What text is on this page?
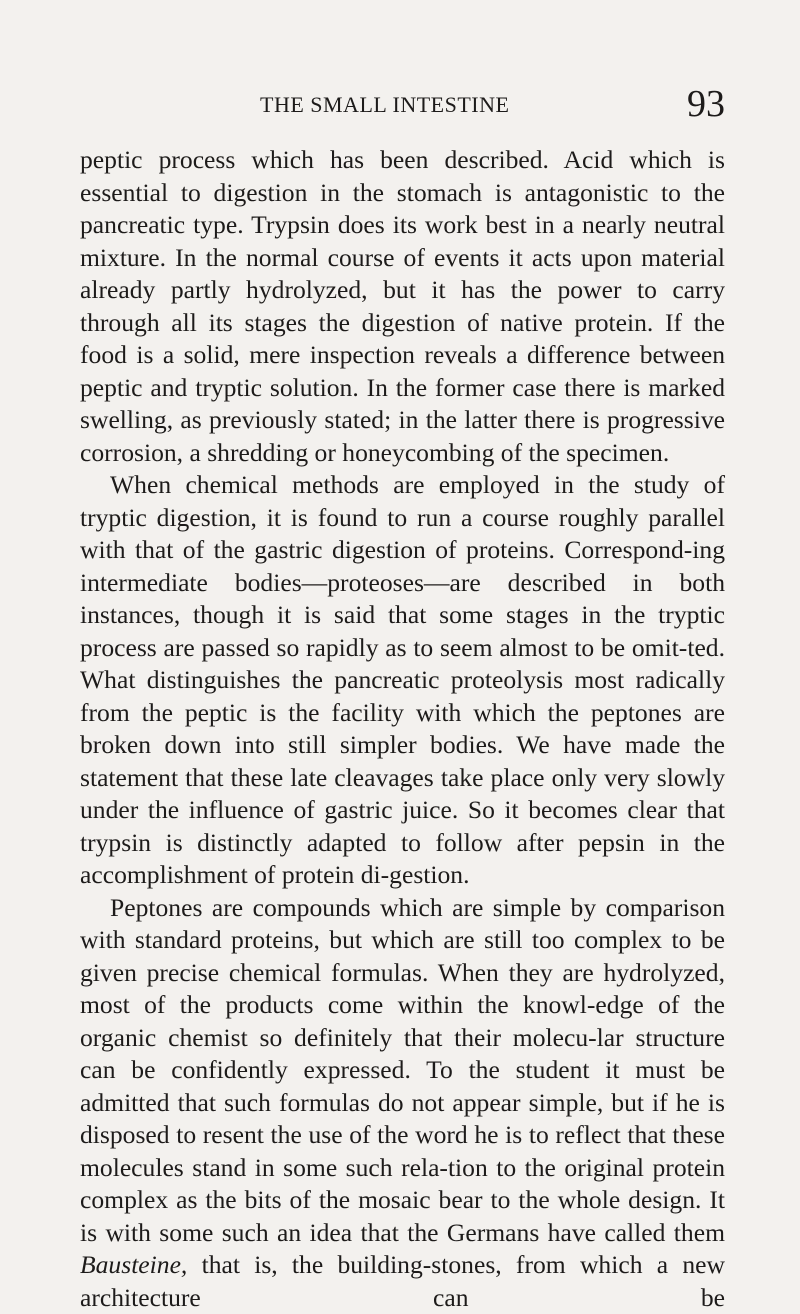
THE SMALL INTESTINE	93

peptic process which has been described. Acid which is essential to digestion in the stomach is antagonistic to the pancreatic type. Trypsin does its work best in a nearly neutral mixture. In the normal course of events it acts upon material already partly hydrolyzed, but it has the power to carry through all its stages the digestion of native protein. If the food is a solid, mere inspection reveals a difference between peptic and tryptic solution. In the former case there is marked swelling, as previously stated; in the latter there is progressive corrosion, a shredding or honeycombing of the specimen.

When chemical methods are employed in the study of tryptic digestion, it is found to run a course roughly parallel with that of the gastric digestion of proteins. Correspond-ing intermediate bodies—proteoses—are described in both instances, though it is said that some stages in the tryptic process are passed so rapidly as to seem almost to be omit-ted. What distinguishes the pancreatic proteolysis most radically from the peptic is the facility with which the peptones are broken down into still simpler bodies. We have made the statement that these late cleavages take place only very slowly under the influence of gastric juice. So it becomes clear that trypsin is distinctly adapted to follow after pepsin in the accomplishment of protein di-gestion.

Peptones are compounds which are simple by comparison with standard proteins, but which are still too complex to be given precise chemical formulas. When they are hydrolyzed, most of the products come within the knowl-edge of the organic chemist so definitely that their molecu-lar structure can be confidently expressed. To the student it must be admitted that such formulas do not appear simple, but if he is disposed to resent the use of the word he is to reflect that these molecules stand in some such rela-tion to the original protein complex as the bits of the mosaic bear to the whole design. It is with some such an idea that the Germans have called them Bausteine, that is, the building-stones, from which a new architecture can be
